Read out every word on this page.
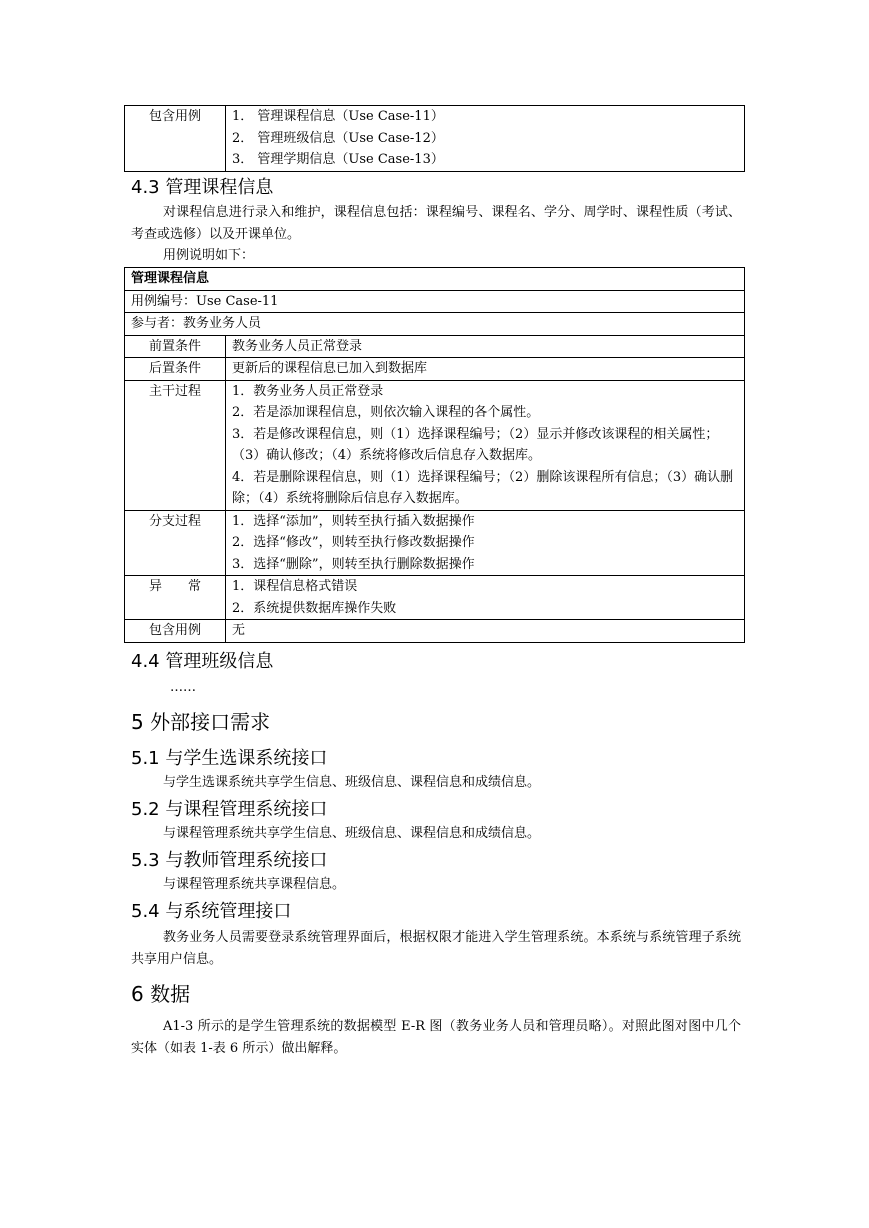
包含用例	1． 管理课程信息（Use Case-11）
2． 管理班级信息（Use Case-12）
3． 管理学期信息（Use Case-13）
4.3 管理课程信息
对课程信息进行录入和维护，课程信息包括：课程编号、课程名、学分、周学时、课程性质（考试、考查或选修）以及开课单位。
用例说明如下：
管理课程信息	
用例编号：Use Case-11	
参与者：教务业务人员	
前置条件	教务业务人员正常登录
后置条件	更新后的课程信息已加入到数据库
主干过程	1．教务业务人员正常登录
2．若是添加课程信息，则依次输入课程的各个属性。
3．若是修改课程信息，则（1）选择课程编号；（2）显示并修改该课程的相关属性；（3）确认修改；（4）系统将修改后信息存入数据库。
4．若是删除课程信息，则（1）选择课程编号；（2）删除该课程所有信息；（3）确认删除；（4）系统将删除后信息存入数据库。

分支过程	1．选择“添加”，则转至执行插入数据操作
2．选择“修改”，则转至执行修改数据操作
3．选择“删除”，则转至执行删除数据操作

异　　常	1．课程信息格式错误
2．系统提供数据库操作失败

包含用例	无
4.4 管理班级信息
……
5 外部接口需求
5.1 与学生选课系统接口
与学生选课系统共享学生信息、班级信息、课程信息和成绩信息。
5.2 与课程管理系统接口
与课程管理系统共享学生信息、班级信息、课程信息和成绩信息。
5.3 与教师管理系统接口
与课程管理系统共享课程信息。
5.4 与系统管理接口
教务业务人员需要登录系统管理界面后，根据权限才能进入学生管理系统。本系统与系统管理子系统共享用户信息。
6 数据
A1-3 所示的是学生管理系统的数据模型 E-R 图（教务业务人员和管理员略）。对照此图对图中几个实体（如表 1-表 6 所示）做出解释。
